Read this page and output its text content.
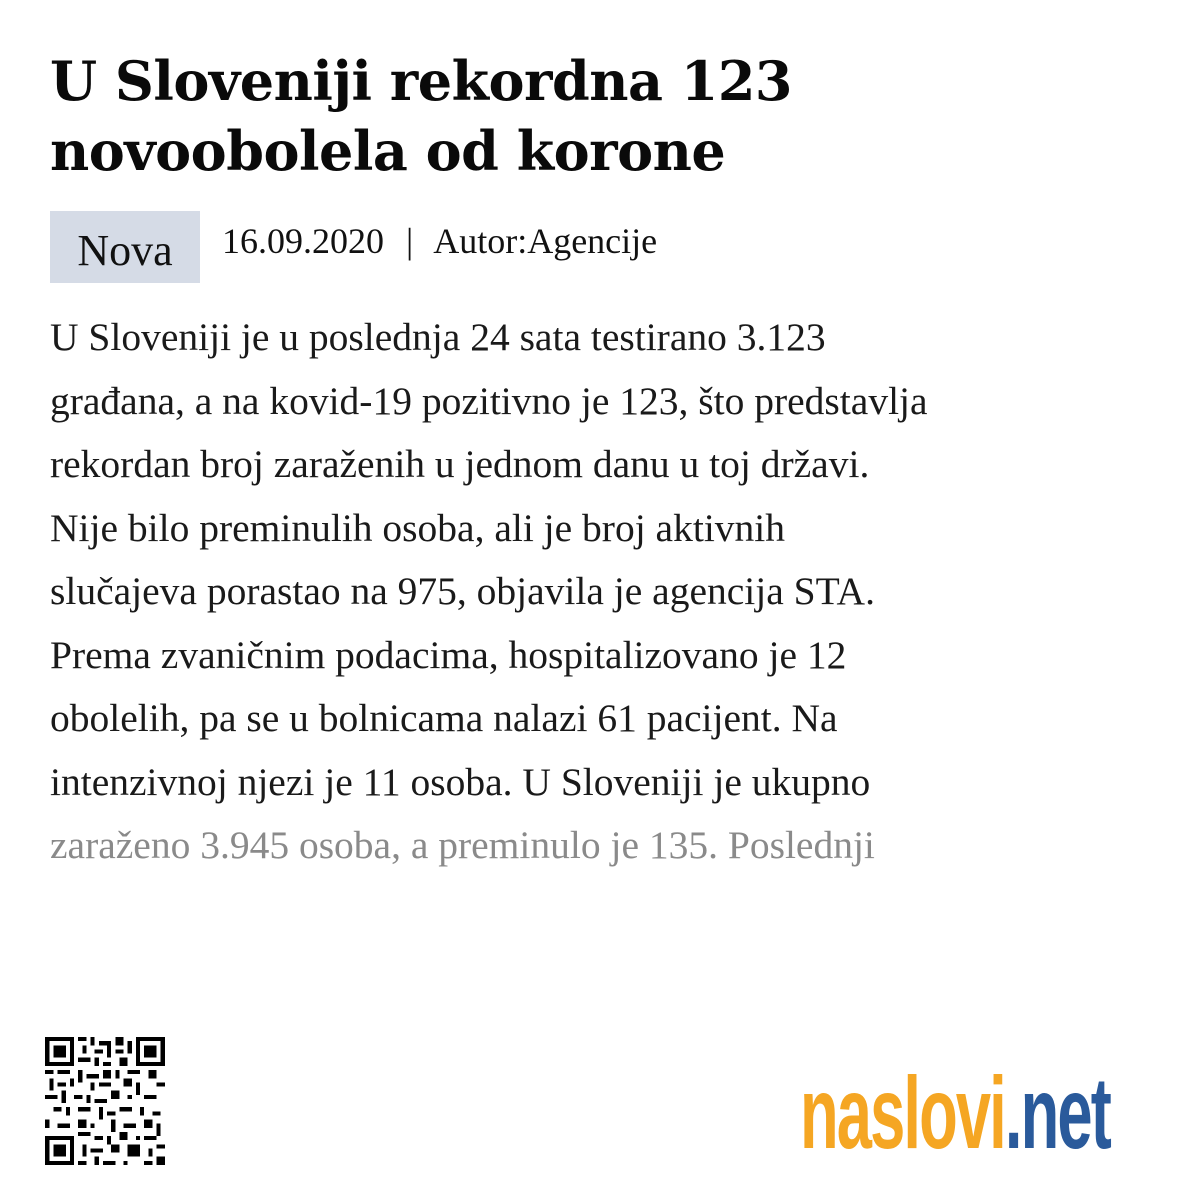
U Sloveniji rekordna 123
novoobolela od korone
Nova	16.09.2020 | Autor:Agencije
U Sloveniji je u poslednja 24 sata testirano 3.123
građana, a na kovid-19 pozitivno je 123, što predstavlja
rekordan broj zaraženih u jednom danu u toj državi.
Nije bilo preminulih osoba, ali je broj aktivnih
slučajeva porastao na 975, objavila je agencija STA.
Prema zvaničnim podacima, hospitalizovano je 12
obolelih, pa se u bolnicama nalazi 61 pacijent. Na
intenzivnoj njezi je 11 osoba. U Sloveniji je ukupno
zaraženo 3.945 osoba, a preminulo je 135. Poslednji
naslovi.net
